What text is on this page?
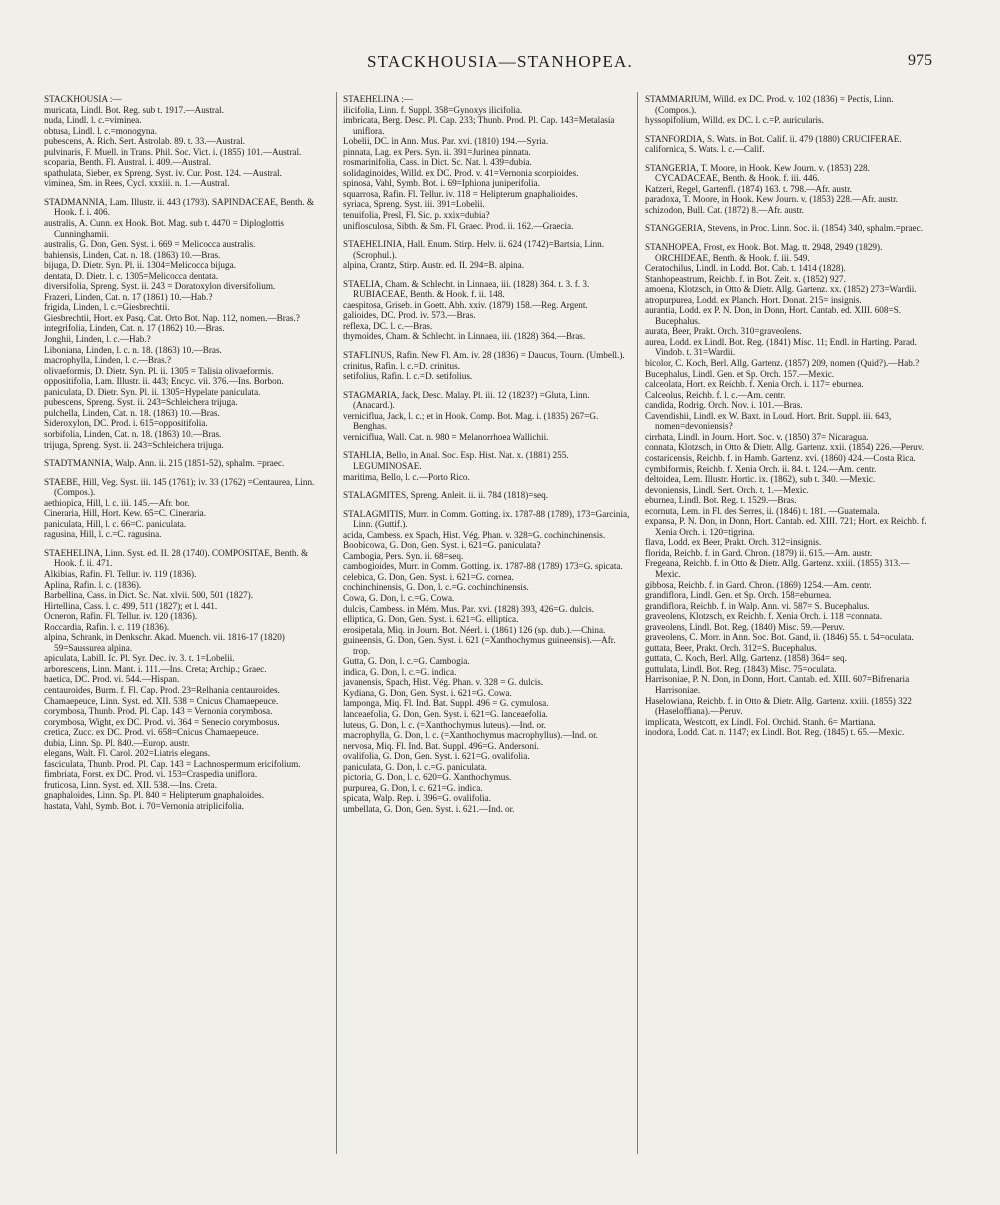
STACKHOUSIA—STANHOPEA.	975
STACKHOUSIA :—
muricata, Lindl. Bot. Reg. sub t. 1917.—Austral.
nuda, Lindl. l. c.=viminea.
obtusa, Lindl. l. c.=monogyna.
pubescens, A. Rich. Sert. Astrolab. 89. t. 33.—Austral.
pulvinaris, F. Muell. in Trans. Phil. Soc. Vict. i. (1855) 101.—Austral.
scoparia, Benth. Fl. Austral. i. 409.—Austral.
spathulata, Sieber, ex Spreng. Syst. iv. Cur. Post. 124. —Austral.
viminea, Sm. in Rees, Cycl. xxxiii. n. 1.—Austral.
STADMANNIA, Lam. Illustr. ii. 443 (1793). SAPINDACEAE, Benth. & Hook. f. i. 406.
australis, A. Cunn. ex Hook. Bot. Mag. sub t. 4470 = Diploglottis Cunninghamii.
australis, G. Don, Gen. Syst. i. 669 = Melicocca australis.
bahiensis, Linden, Cat. n. 18. (1863) 10.—Bras.
bijuga, D. Dietr. Syn. Pl. ii. 1304=Melicocca bijuga.
dentata, D. Dietr. l. c. 1305=Melicocca dentata.
diversifolia, Spreng. Syst. ii. 243 = Doratoxylon diversifolium.
Frazeri, Linden, Cat. n. 17 (1861) 10.—Hab.?
frigida, Linden, l. c.=Giesbrechtii.
Giesbrechtii, Hort. ex Pasq. Cat. Orto Bot. Nap. 112, nomen.—Bras.?
integrifolia, Linden, Cat. n. 17 (1862) 10.—Bras.
Jonghii, Linden, l. c.—Hab.?
Liboniana, Linden, l. c. n. 18. (1863) 10.—Bras.
macrophylla, Linden, l. c.—Bras.?
olivaeformis, D. Dietr. Syn. Pl. ii. 1305 = Talisia olivaeformis.
oppositifolia, Lam. Illustr. ii. 443; Encyc. vii. 376.—Ins. Borbon.
paniculata, D. Dietr. Syn. Pl. ii. 1305=Hypelate paniculata.
pubescens, Spreng. Syst. ii. 243=Schleichera trijuga.
pulchella, Linden, Cat. n. 18. (1863) 10.—Bras.
Sideroxylon, DC. Prod. i. 615=oppositifolia.
sorbifolia, Linden, Cat. n. 18. (1863) 10.—Bras.
trijuga, Spreng. Syst. ii. 243=Schleichera trijuga.
STADTMANNIA, Walp. Ann. ii. 215 (1851-52), sphalm. =praec.
STAEBE, Hill, Veg. Syst. iii. 145 (1761); iv. 33 (1762) =Centaurea, Linn. (Compos.).
aethiopica, Hill, l. c. iii. 145.—Afr. bor.
Cineraria, Hill, Hort. Kew. 65=C. Cineraria.
paniculata, Hill, l. c. 66=C. paniculata.
ragusina, Hill, l. c.=C. ragusina.
STAEHELINA, Linn. Syst. ed. II. 28 (1740). COMPOSITAE, Benth. & Hook. f. ii. 471.
Alkibias, Rafin. Fl. Tellur. iv. 119 (1836).
Aplina, Rafin. l. c. (1836).
Barbellina, Cass. in Dict. Sc. Nat. xlvii. 500, 501 (1827).
Hirtellina, Cass. l. c. 499, 511 (1827); et l. 441.
Ocneron, Rafin. Fl. Tellur. iv. 120 (1836).
Roccardia, Rafin. l. c. 119 (1836).
alpina, Schrank, in Denkschr. Akad. Muench. vii. 1816-17 (1820) 59=Saussurea alpina.
apiculata, Labill. Ic. Pl. Syr. Dec. iv. 3. t. 1=Lobelii.
arborescens, Linn. Mant. i. 111.—Ins. Creta; Archip.; Graec.
baetica, DC. Prod. vi. 544.—Hispan.
centauroides, Burm. f. Fl. Cap. Prod. 23=Relhania centauroides.
Chamaepeuce, Linn. Syst. ed. XII. 538 = Cnicus Chamaepeuce.
corymbosa, Thunb. Prod. Pl. Cap. 143 = Vernonia corymbosa.
corymbosa, Wight, ex DC. Prod. vi. 364 = Senecio corymbosus.
cretica, Zucc. ex DC. Prod. vi. 658=Cnicus Chamaepeuce.
dubia, Linn. Sp. Pl. 840.—Europ. austr.
elegans, Walt. Fl. Carol. 202=Liatris elegans.
fasciculata, Thunb. Prod. Pl. Cap. 143 = Lachnospermum ericifolium.
fimbriata, Forst. ex DC. Prod. vi. 153=Craspedia uniflora.
fruticosa, Linn. Syst. ed. XII. 538.—Ins. Creta.
gnaphaloides, Linn. Sp. Pl. 840 = Helipterum gnaphaloides.
hastata, Vahl, Symb. Bot. i. 70=Vernonia atriplicifolia.
STAEHELINA :—
ilicifolia, Linn. f. Suppl. 358=Gynoxys ilicifolia.
imbricata, Berg. Desc. Pl. Cap. 233; Thunb. Prod. Pl. Cap. 143=Metalasia uniflora.
Lobelii, DC. in Ann. Mus. Par. xvi. (1810) 194.—Syria.
pinnata, Lag. ex Pers. Syn. ii. 391=Jurinea pinnata.
rosmarinifolia, Cass. in Dict. Sc. Nat. l. 439=dubia.
solidaginoides, Willd. ex DC. Prod. v. 41=Vernonia scorpioides.
spinosa, Vahl, Symb. Bot. i. 69=Iphiona juniperifolia.
squarrosa, Rafin. Fl. Tellur. iv. 118 = Helipterum gnaphalioides.
syriaca, Spreng. Syst. iii. 391=Lobelii.
tenuifolia, Presl, Fl. Sic. p. xxix=dubia?
uniflosculosa, Sibth. & Sm. Fl. Graec. Prod. ii. 162.—Graecia.
STAEHELINIA, Hall. Enum. Stirp. Helv. ii. 624 (1742)=Bartsia, Linn. (Scrophul.).
alpina, Crantz, Stirp. Austr. ed. II. 294=B. alpina.
STAELIA, Cham. & Schlecht. in Linnaea, iii. (1828) 364. t. 3. f. 3. RUBIACEAE, Benth. & Hook. f. ii. 148.
caespitosa, Griseb. in Goett. Abh. xxiv. (1879) 158.—Reg. Argent.
galioides, DC. Prod. iv. 573.—Bras.
reflexa, DC. l. c.—Bras.
thymoides, Cham. & Schlecht. in Linnaea, iii. (1828) 364.—Bras.
STAFLINUS, Rafin. New Fl. Am. iv. 28 (1836) = Daucus, Tourn. (Umbell.).
crinitus, Rafin. l. c.=D. crinitus.
setifolius, Rafin. l. c.=D. setifolius.
STAGMARIA, Jack, Desc. Malay. Pl. iii. 12 (1823?) =Gluta, Linn. (Anacard.).
verniciflua, Jack, l. c.; et in Hook. Comp. Bot. Mag. i. (1835) 267=G. Benghas.
verniciflua, Wall. Cat. n. 980 = Melanorrhoea Wallichii.
STAHLIA, Bello, in Anal. Soc. Esp. Hist. Nat. x. (1881) 255. LEGUMINOSAE.
maritima, Bello, l. c.—Porto Rico.
STALAGMITES, Spreng. Anleit. ii. ii. 784 (1818)=seq.
STALAGMITIS, Murr. in Comm. Gotting. ix. 1787-88 (1789), 173=Garcinia, Linn. (Guttif.).
acida, Cambess. ex Spach, Hist. Vég. Phan. v. 328=G. cochinchinensis.
Boobicowa, G. Don, Gen. Syst. i. 621=G. paniculata?
Cambogia, Pers. Syn. ii. 68=seq.
cambogioides, Murr. in Comm. Gotting. ix. 1787-88 (1789) 173=G. spicata.
celebica, G. Don, Gen. Syst. i. 621=G. cornea.
cochinchinensis, G. Don, l. c.=G. cochinchinensis.
Cowa, G. Don, l. c.=G. Cowa.
dulcis, Cambess. in Mém. Mus. Par. xvi. (1828) 393, 426=G. dulcis.
elliptica, G. Don, Gen. Syst. i. 621=G. elliptica.
erosipetala, Miq. in Journ. Bot. Néerl. i. (1861) 126 (sp. dub.).—China.
guineensis, G. Don, Gen. Syst. i. 621 (=Xanthochymus guineensis).—Afr. trop.
Gutta, G. Don, l. c.=G. Cambogia.
indica, G. Don, l. c.=G. indica.
javanensis, Spach, Hist. Vég. Phan. v. 328 = G. dulcis.
Kydiana, G. Don, Gen. Syst. i. 621=G. Cowa.
lamponga, Miq. Fl. Ind. Bat. Suppl. 496 = G. cymulosa.
lanceaefolia, G. Don, Gen. Syst. i. 621=G. lanceaefolia.
luteus, G. Don, l. c. (=Xanthochymus luteus).—Ind. or.
macrophylla, G. Don, l. c. (=Xanthochymus macrophyllus).—Ind. or.
nervosa, Miq. Fl. Ind. Bat. Suppl. 496=G. Andersoni.
ovalifolia, G. Don, Gen. Syst. i. 621=G. ovalifolia.
paniculata, G. Don, l. c.=G. paniculata.
pictoria, G. Don, l. c. 620=G. Xanthochymus.
purpurea, G. Don, l. c. 621=G. indica.
spicata, Walp. Rep. i. 396=G. ovalifolia.
umbellata, G. Don, Gen. Syst. i. 621.—Ind. or.
STAMMARIUM, Willd. ex DC. Prod. v. 102 (1836) = Pectis, Linn. (Compos.).
hyssopifolium, Willd. ex DC. l. c.=P. auricularis.
STANFORDIA, S. Wats. in Bot. Calif. ii. 479 (1880) CRUCIFERAE.
californica, S. Wats. l. c.—Calif.
STANGERIA, T. Moore, in Hook. Kew Journ. v. (1853) 228. CYCADACEAE, Benth. & Hook. f. iii. 446.
Katzeri, Regel, Gartenfl. (1874) 163. t. 798.—Afr. austr.
paradoxa, T. Moore, in Hook. Kew Journ. v. (1853) 228.—Afr. austr.
schizodon, Bull. Cat. (1872) 8.—Afr. austr.
STANGGERIA, Stevens, in Proc. Linn. Soc. ii. (1854) 340, sphalm.=praec.
STANHOPEA, Frost, ex Hook. Bot. Mag. tt. 2948, 2949 (1829). ORCHIDEAE, Benth. & Hook. f. iii. 549.
Ceratochilus, Lindl. in Lodd. Bot. Cab. t. 1414 (1828).
Stanhopeastrum, Reichb. f. in Bot. Zeit. x. (1852) 927.
amoena, Klotzsch, in Otto & Dietr. Allg. Gartenz. xx. (1852) 273=Wardii.
atropurpurea, Lodd. ex Planch. Hort. Donat. 215= insignis.
aurantia, Lodd. ex P. N. Don, in Donn, Hort. Cantab. ed. XIII. 608=S. Bucephalus.
aurata, Beer, Prakt. Orch. 310=graveolens.
aurea, Lodd. ex Lindl. Bot. Reg. (1841) Misc. 11; Endl. in Harting. Parad. Vindob. t. 31=Wardii.
bicolor, C. Koch, Berl. Allg. Gartenz. (1857) 209, nomen (Quid?).—Hab.?
Bucephalus, Lindl. Gen. et Sp. Orch. 157.—Mexic.
calceolata, Hort. ex Reichb. f. Xenia Orch. i. 117= eburnea.
Calceolus, Reichb. f. l. c.—Am. centr.
candida, Rodrig. Orch. Nov. i. 101.—Bras.
Cavendishii, Lindl. ex W. Baxt. in Loud. Hort. Brit. Suppl. iii. 643, nomen=devoniensis?
cirrhata, Lindl. in Journ. Hort. Soc. v. (1850) 37= Nicaragua.
connata, Klotzsch, in Otto & Dietr. Allg. Gartenz. xxii. (1854) 226.—Peruv.
costaricensis, Reichb. f. in Hamb. Gartenz. xvi. (1860) 424.—Costa Rica.
cymbiformis, Reichb. f. Xenia Orch. ii. 84. t. 124.—Am. centr.
deltoidea, Lem. Illustr. Hortic. ix. (1862), sub t. 340. —Mexic.
devoniensis, Lindl. Sert. Orch. t. 1.—Mexic.
eburnea, Lindl. Bot. Reg. t. 1529.—Bras.
ecornuta, Lem. in Fl. des Serres, ii. (1846) t. 181. —Guatemala.
expansa, P. N. Don, in Donn, Hort. Cantab. ed. XIII. 721; Hort. ex Reichb. f. Xenia Orch. i. 120=tigrina.
flava, Lodd. ex Beer, Prakt. Orch. 312=insignis.
florida, Reichb. f. in Gard. Chron. (1879) ii. 615.—Am. austr.
Fregeana, Reichb. f. in Otto & Dietr. Allg. Gartenz. xxiii. (1855) 313.—Mexic.
gibbosa, Reichb. f. in Gard. Chron. (1869) 1254.—Am. centr.
grandiflora, Lindl. Gen. et Sp. Orch. 158=eburnea.
grandiflora, Reichb. f. in Walp. Ann. vi. 587= S. Bucephalus.
graveolens, Klotzsch, ex Reichb. f. Xenia Orch. i. 118 =connata.
graveolens, Lindl. Bot. Reg. (1840) Misc. 59.—Peruv.
graveolens, C. Morr. in Ann. Soc. Bot. Gand, ii. (1846) 55. t. 54=oculata.
guttata, Beer, Prakt. Orch. 312=S. Bucephalus.
guttata, C. Koch, Berl. Allg. Gartenz. (1858) 364= seq.
guttulata, Lindl. Bot. Reg. (1843) Misc. 75=oculata.
Harrisoniae, P. N. Don, in Donn, Hort. Cantab. ed. XIII. 607=Bifrenaria Harrisoniae.
Haselowiana, Reichb. f. in Otto & Dietr. Allg. Gartenz. xxiii. (1855) 322 (Haseloffiana).—Peruv.
implicata, Westcott, ex Lindl. Fol. Orchid. Stanh. 6= Martiana.
inodora, Lodd. Cat. n. 1147; ex Lindl. Bot. Reg. (1845) t. 65.—Mexic.
